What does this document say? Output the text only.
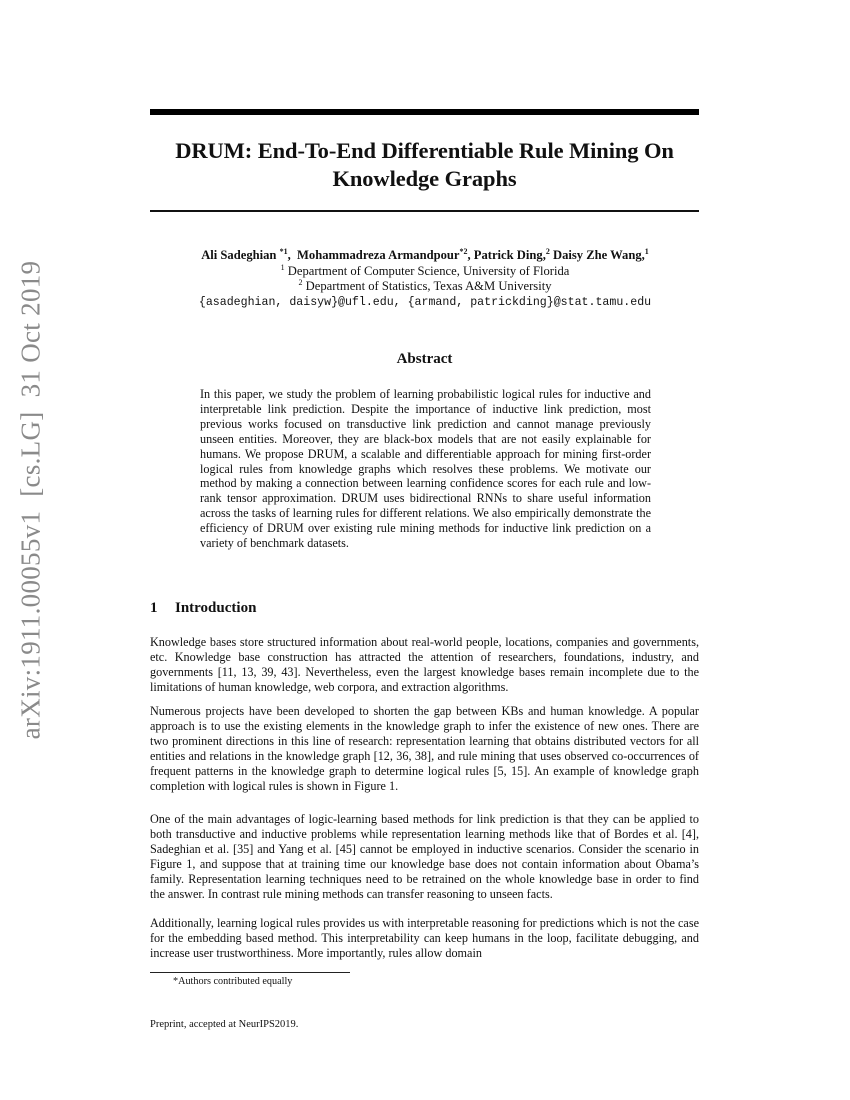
arXiv:1911.00055v1[cs.LG]31 Oct 2019
DRUM: End-To-End Differentiable Rule Mining On
Knowledge Graphs
Ali Sadeghian $^{*1}$,  Mohammadreza Armandpour$^{*2}$, Patrick Ding,$^2$ Daisy Zhe Wang,$^1$
$^1$ Department of Computer Science, University of Florida
$^2$ Department of Statistics, Texas A&M University
{asadeghian, daisyw}@ufl.edu, {armand, patrickding}@stat.tamu.edu
Abstract
In this paper, we study the problem of learning probabilistic logical rules for inductive and interpretable link prediction. Despite the importance of inductive link prediction, most previous works focused on transductive link prediction and cannot manage previously unseen entities. Moreover, they are black-box models that are not easily explainable for humans. We propose DRUM, a scalable and differentiable approach for mining first-order logical rules from knowledge graphs which resolves these problems. We motivate our method by making a connection between learning confidence scores for each rule and low-rank tensor approximation. DRUM uses bidirectional RNNs to share useful information across the tasks of learning rules for different relations. We also empirically demonstrate the efficiency of DRUM over existing rule mining methods for inductive link prediction on a variety of benchmark datasets.
1 Introduction
Knowledge bases store structured information about real-world people, locations, companies and governments, etc. Knowledge base construction has attracted the attention of researchers, foundations, industry, and governments [11, 13, 39, 43]. Nevertheless, even the largest knowledge bases remain incomplete due to the limitations of human knowledge, web corpora, and extraction algorithms.
Numerous projects have been developed to shorten the gap between KBs and human knowledge. A popular approach is to use the existing elements in the knowledge graph to infer the existence of new ones. There are two prominent directions in this line of research: representation learning that obtains distributed vectors for all entities and relations in the knowledge graph [12, 36, 38], and rule mining that uses observed co-occurrences of frequent patterns in the knowledge graph to determine logical rules [5, 15]. An example of knowledge graph completion with logical rules is shown in Figure 1.
One of the main advantages of logic-learning based methods for link prediction is that they can be applied to both transductive and inductive problems while representation learning methods like that of Bordes et al. [4], Sadeghian et al. [35] and Yang et al. [45] cannot be employed in inductive scenarios. Consider the scenario in Figure 1, and suppose that at training time our knowledge base does not contain information about Obama’s family. Representation learning techniques need to be retrained on the whole knowledge base in order to find the answer. In contrast rule mining methods can transfer reasoning to unseen facts.
Additionally, learning logical rules provides us with interpretable reasoning for predictions which is not the case for the embedding based method. This interpretability can keep humans in the loop, facilitate debugging, and increase user trustworthiness. More importantly, rules allow domain
*Authors contributed equally
Preprint, accepted at NeurIPS2019.
